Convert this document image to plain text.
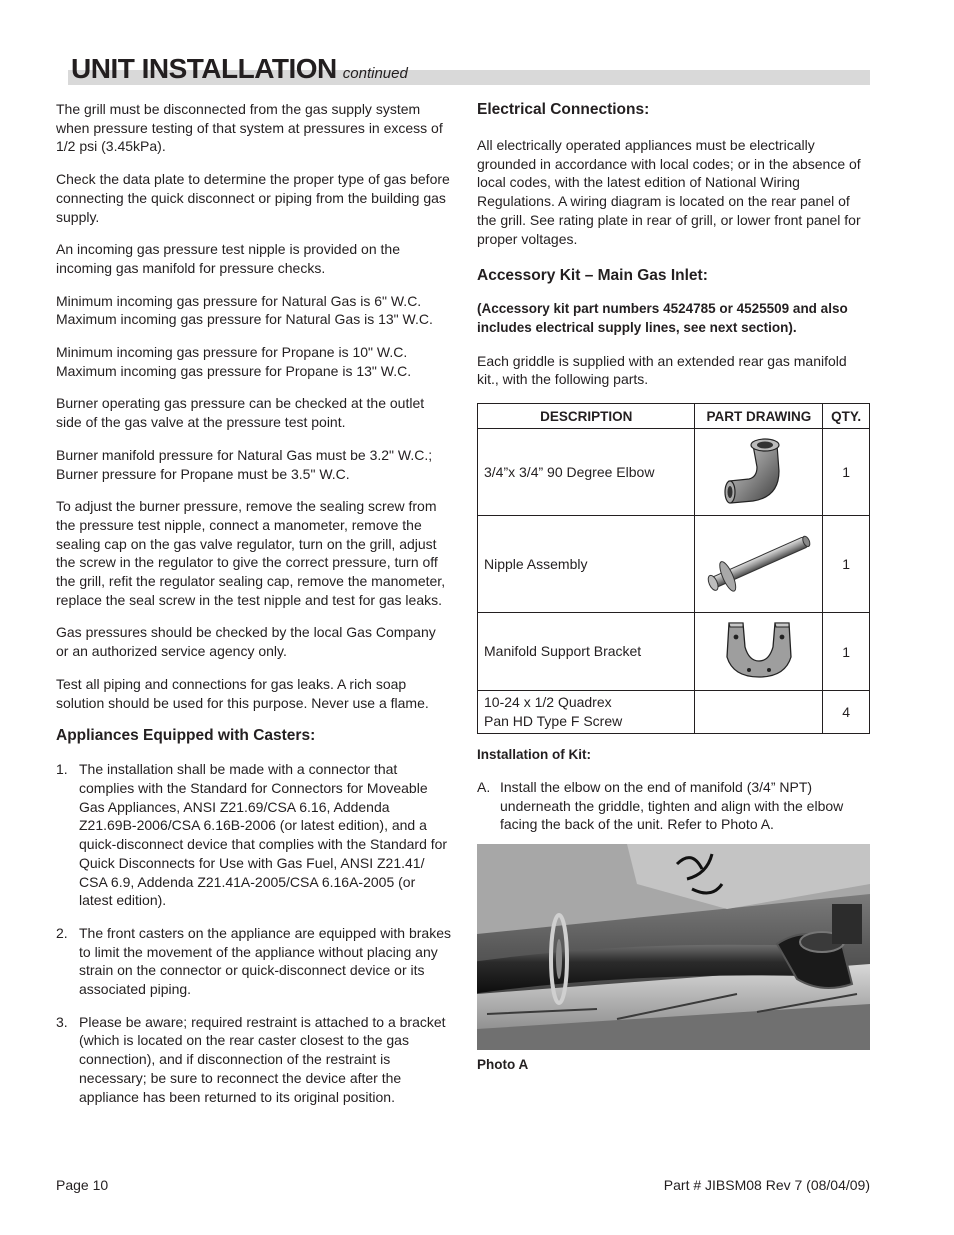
UNIT INSTALLATION continued

The grill must be disconnected from the gas supply system when pressure testing of that system at pressures in excess of 1/2 psi (3.45kPa).

Check the data plate to determine the proper type of gas before connecting the quick disconnect or piping from the building gas supply.

An incoming gas pressure test nipple is provided on the incoming gas manifold for pressure checks.

Minimum incoming gas pressure for Natural Gas is 6" W.C. Maximum incoming gas pressure for Natural Gas is 13" W.C.

Minimum incoming gas pressure for Propane is 10" W.C. Maximum incoming gas pressure for Propane is 13" W.C.

Burner operating gas pressure can be checked at the outlet side of the gas valve at the pressure test point.

Burner manifold pressure for Natural Gas must be 3.2" W.C.; Burner pressure for Propane must be 3.5" W.C.

To adjust the burner pressure, remove the sealing screw from the pressure test nipple, connect a manometer, remove the sealing cap on the gas valve regulator, turn on the grill, adjust the screw in the regulator to give the correct pressure, turn off the grill, refit the regulator sealing cap, remove the manometer, replace the seal screw in the test nipple and test for gas leaks.

Gas pressures should be checked by the local Gas Company or an authorized service agency only.

Test all piping and connections for gas leaks. A rich soap solution should be used for this purpose. Never use a flame.

Appliances Equipped with Casters:
1. The installation shall be made with a connector that complies with the Standard for Connectors for Moveable Gas Appliances, ANSI Z21.69/CSA 6.16, Addenda Z21.69B-2006/CSA 6.16B-2006 (or latest edition), and a quick-disconnect device that complies with the Standard for Quick Disconnects for Use with Gas Fuel, ANSI Z21.41/ CSA 6.9, Addenda Z21.41A-2005/CSA 6.16A-2005 (or latest edition).
2. The front casters on the appliance are equipped with brakes to limit the movement of the appliance without placing any strain on the connector or quick-disconnect device or its associated piping.
3. Please be aware; required restraint is attached to a bracket (which is located on the rear caster closest to the gas connection), and if disconnection of the restraint is necessary; be sure to reconnect the device after the appliance has been returned to its original position.
Electrical Connections:

All electrically operated appliances must be electrically grounded in accordance with local codes; or in the absence of local codes, with the latest edition of National Wiring Regulations. A wiring diagram is located on the rear panel of the grill. See rating plate in rear of grill, or lower front panel for proper voltages.

Accessory Kit – Main Gas Inlet:

(Accessory kit part numbers 4524785 or 4525509 and also includes electrical supply lines, see next section).

Each griddle is supplied with an extended rear gas manifold kit., with the following parts.

DESCRIPTION	PART DRAWING	QTY.
3/4”x 3/4” 90 Degree Elbow		1
Nipple Assembly		1
Manifold Support Bracket		1
10-24 x 1/2 Quadrex
Pan HD Type F Screw		4

Installation of Kit:

A. Install the elbow on the end of manifold (3/4” NPT) underneath the griddle, tighten and align with the elbow facing the back of the unit. Refer to Photo A.

Photo A

Page 10	Part # JIBSM08 Rev 7 (08/04/09)
